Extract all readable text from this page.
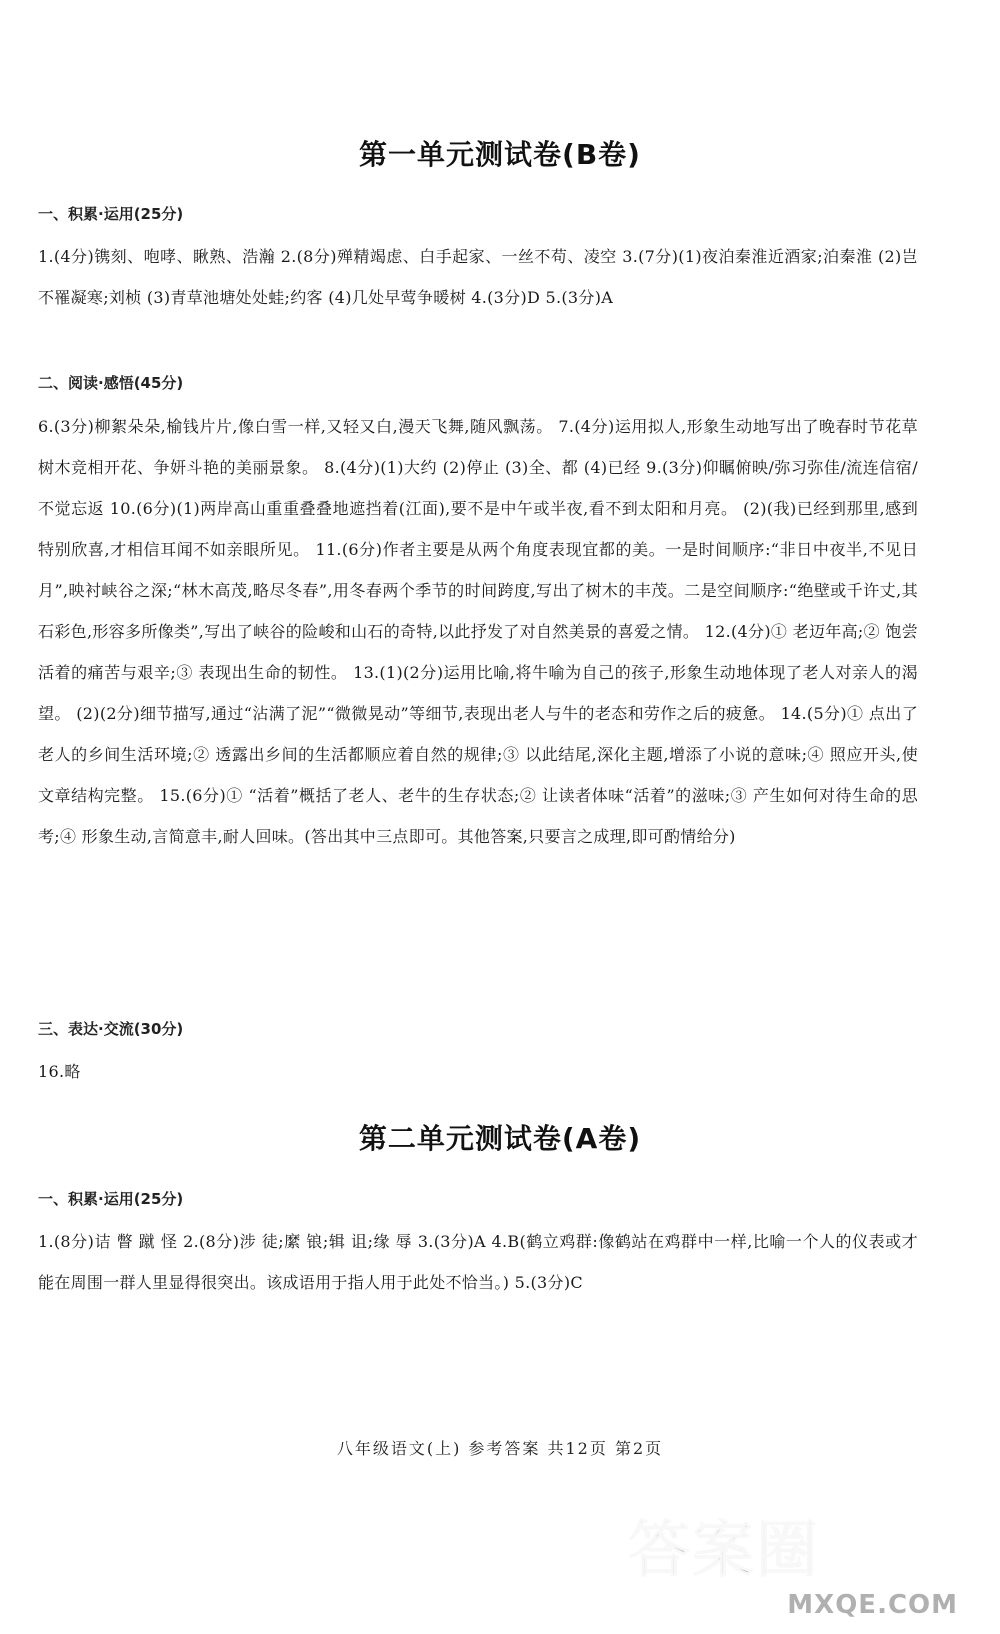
第一单元测试卷(B卷)
一、积累·运用(25分)
1.(4分)镌刻、咆哮、瞅熟、浩瀚 2.(8分)殚精竭虑、白手起家、一丝不苟、凌空 3.(7分)(1)夜泊秦淮近酒家;泊秦淮 (2)岂不罹凝寒;刘桢 (3)青草池塘处处蛙;约客 (4)几处早莺争暖树 4.(3分)D 5.(3分)A
二、阅读·感悟(45分)
6.(3分)柳絮朵朵,榆钱片片,像白雪一样,又轻又白,漫天飞舞,随风飘荡。 7.(4分)运用拟人,形象生动地写出了晚春时节花草树木竞相开花、争妍斗艳的美丽景象。 8.(4分)(1)大约 (2)停止 (3)全、都 (4)已经 9.(3分)仰瞩俯映/弥习弥佳/流连信宿/不觉忘返 10.(6分)(1)两岸高山重重叠叠地遮挡着(江面),要不是中午或半夜,看不到太阳和月亮。 (2)(我)已经到那里,感到特别欣喜,才相信耳闻不如亲眼所见。 11.(6分)作者主要是从两个角度表现宜都的美。一是时间顺序:“非日中夜半,不见日月”,映衬峡谷之深;“林木高茂,略尽冬春”,用冬春两个季节的时间跨度,写出了树木的丰茂。二是空间顺序:“绝壁或千许丈,其石彩色,形容多所像类”,写出了峡谷的险峻和山石的奇特,以此抒发了对自然美景的喜爱之情。 12.(4分)① 老迈年高;② 饱尝活着的痛苦与艰辛;③ 表现出生命的韧性。 13.(1)(2分)运用比喻,将牛喻为自己的孩子,形象生动地体现了老人对亲人的渴望。 (2)(2分)细节描写,通过“沾满了泥”“微微晃动”等细节,表现出老人与牛的老态和劳作之后的疲惫。 14.(5分)① 点出了老人的乡间生活环境;② 透露出乡间的生活都顺应着自然的规律;③ 以此结尾,深化主题,增添了小说的意味;④ 照应开头,使文章结构完整。 15.(6分)① “活着”概括了老人、老牛的生存状态;② 让读者体味“活着”的滋味;③ 产生如何对待生命的思考;④ 形象生动,言简意丰,耐人回味。(答出其中三点即可。其他答案,只要言之成理,即可酌情给分)
三、表达·交流(30分)
16.略
第二单元测试卷(A卷)
一、积累·运用(25分)
1.(8分)诘 瞥 蹴 怪 2.(8分)涉 徒;縻 锒;辑 诅;缘 辱 3.(3分)A 4.B(鹤立鸡群:像鹤站在鸡群中一样,比喻一个人的仪表或才能在周围一群人里显得很突出。该成语用于指人用于此处不恰当。) 5.(3分)C
八年级语文(上) 参考答案 共12页 第2页
答案圈
MXQE.COM
